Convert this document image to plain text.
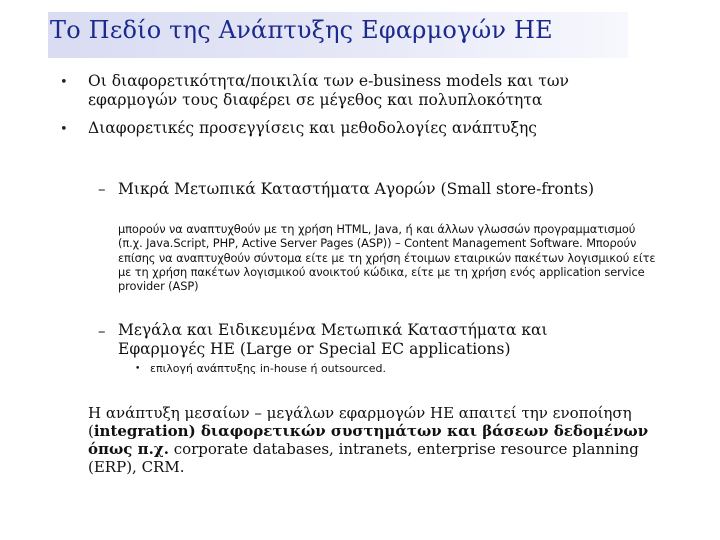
Το Πεδίο της Ανάπτυξης Εφαρμογών ΗΕ
• Οι διαφορετικότητα/ποικιλία των e-business models και των
εφαρμογών τους διαφέρει σε μέγεθος και πολυπλοκότητα

• Διαφορετικές προσεγγίσεις και μεθοδολογίες ανάπτυξης

– Μικρά Μετωπικά Καταστήματα Αγορών (Small store-fronts)

μπορούν να αναπτυχθούν με τη χρήση HTML, Java, ή και άλλων γλωσσών προγραμματισμού (π.χ. Java.Script, PHP, Active Server Pages (ASP)) – Content Management Software. Μπορούν επίσης να αναπτυχθούν σύντομα είτε με τη χρήση έτοιμων εταιρικών πακέτων λογισμικού είτε με τη χρήση πακέτων λογισμικού ανοικτού κώδικα, είτε με τη χρήση ενός application service provider (ASP)

– Μεγάλα και Ειδικευμένα Μετωπικά Καταστήματα και
Εφαρμογές ΗΕ (Large or Special EC applications)

• επιλογή ανάπτυξης in-house ή outsourced.

Η ανάπτυξη μεσαίων – μεγάλων εφαρμογών ΗΕ απαιτεί την ενοποίηση (integration) διαφορετικών συστημάτων και βάσεων δεδομένων όπως π.χ. corporate databases, intranets, enterprise resource planning (ERP), CRM.
